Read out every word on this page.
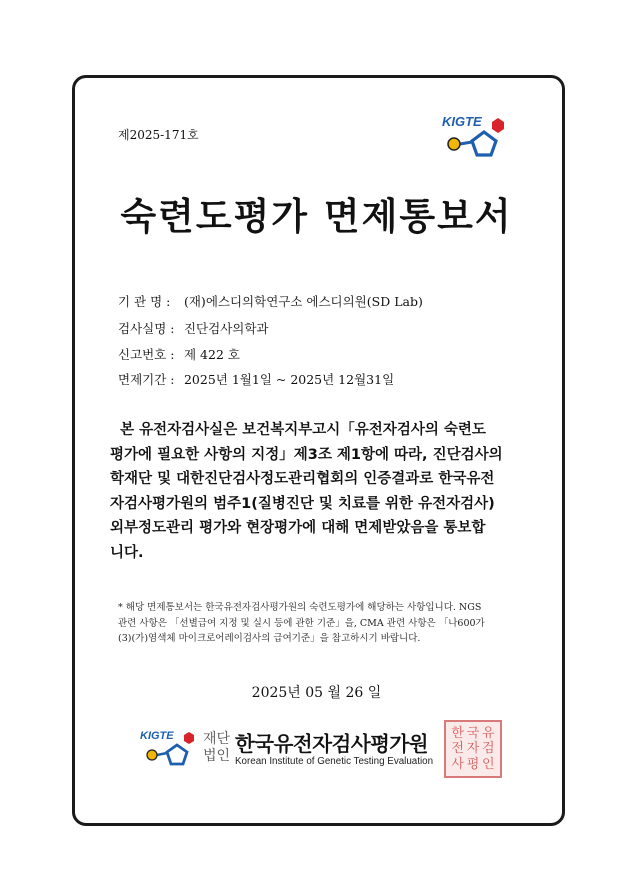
제2025-171호
KIGTE
숙련도평가 면제통보서
기 관 명 : (재)에스디의학연구소 에스디의원(SD Lab)
검사실명 : 진단검사의학과
신고번호 : 제 422 호
면제기간 : 2025년 1월1일 ~ 2025년 12월31일
본 유전자검사실은 보건복지부고시「유전자검사의 숙련도
평가에 필요한 사항의 지정」제3조 제1항에 따라, 진단검사의
학재단 및 대한진단검사정도관리협회의 인증결과로 한국유전
자검사평가원의 범주1(질병진단 및 치료를 위한 유전자검사)
외부정도관리 평가와 현장평가에 대해 면제받았음을 통보합
니다.
* 해당 면제통보서는 한국유전자검사평가원의 숙련도평가에 해당하는 사항입니다. NGS
관련 사항은 「선별급여 지정 및 실시 등에 관한 기준」을, CMA 관련 사항은 「나600가
(3)(가)염색체 마이크로어레이검사의 급여기준」을 참고하시기 바랍니다.
2025년 05 월 26 일
KIGTE 재단
법인 한국유전자검사평가원
Korean Institute of Genetic Testing Evaluation
한 국 유
전 자 검
사 평 인
